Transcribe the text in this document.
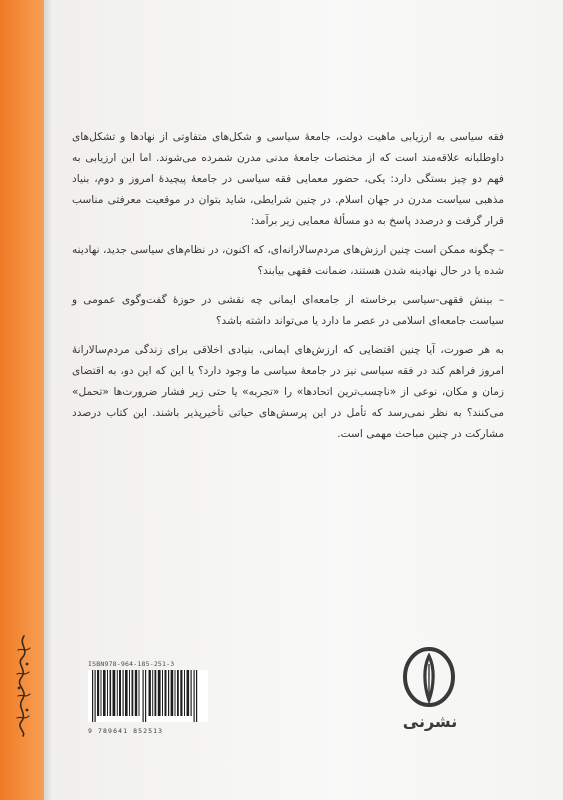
فقه سیاسی به ارزیابی ماهیت دولت، جامعهٔ سیاسی و شکل‌های متفاوتی از نهادها و تشکل‌های داوطلبانه علاقه‌مند است که از مختصات جامعهٔ مدنی مدرن شمرده می‌شوند. اما این ارزیابی به فهم دو چیز بستگی دارد: یکی، حضور معمایی فقه سیاسی در جامعهٔ پیچیدهٔ امروز و دوم، بنیاد مذهبی سیاست مدرن در جهان اسلام. در چنین شرایطی، شاید بتوان در موقعیت معرفتی مناسب قرار گرفت و درصدد پاسخ به دو مسألهٔ معمایی زیر برآمد:

– چگونه ممکن است چنین ارزش‌های مردم‌سالارانه‌ای، که اکنون، در نظام‌های سیاسی جدید، نهادینه شده یا در حال نهادینه شدن هستند، ضمانت فقهی بیابند؟

– بینش فقهی-سیاسی برخاسته از جامعه‌ای ایمانی چه نقشی در حوزهٔ گفت‌وگوی عمومی و سیاست جامعه‌ای اسلامی در عصر ما دارد یا می‌تواند داشته باشد؟

به هر صورت، آیا چنین اقتضایی که ارزش‌های ایمانی، بنیادی اخلاقی برای زندگی مردم‌سالارانهٔ امروز فراهم کند در فقه سیاسی نیز در جامعهٔ سیاسی ما وجود دارد؟ یا این که این دو، به اقتضای زمان و مکان، نوعی از «ناچسب‌ترین اتحادها» را «تجربه» یا حتی زیر فشار ضرورت‌ها «تحمل» می‌کنند؟ به نظر نمی‌رسد که تأمل در این پرسش‌های حیاتی تأخیرپذیر باشند. این کتاب درصدد مشارکت در چنین مباحث مهمی است.

ISBN978-964-185-251-3
9 789641 852513	نشرنی
